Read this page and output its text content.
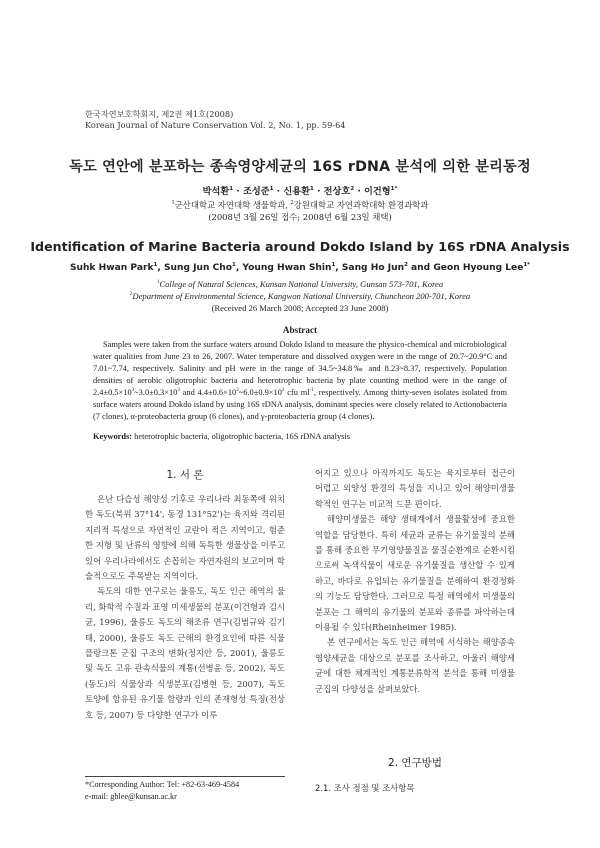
한국자연보호학회지, 제2권 제1호(2008)
Korean Journal of Nature Conservation Vol. 2, No. 1, pp. 59-64
독도 연안에 분포하는 종속영양세균의 16S rDNA 분석에 의한 분리동정
박석환$^1$ · 조성준$^1$ · 신용환$^1$ · 전상호$^2$ · 이건형$^{1*}$
$^1$군산대학교 자연대학 생물학과, $^2$강원대학교 자연과학대학 환경과학과
(2008년 3월 26일 접수; 2008년 6월 23일 채택)
Identification of Marine Bacteria around Dokdo Island by 16S rDNA Analysis
Suhk Hwan Park$^1$, Sung Jun Cho$^1$, Young Hwan Shin$^1$, Sang Ho Jun$^2$ and Geon Hyoung Lee$^{1*}$
$^1$College of Natural Sciences, Kunsan National University, Gunsan 573-701, Korea
$^2$Department of Environmental Science, Kangwon National University, Chuncheon 200-701, Korea
(Received 26 March 2008; Accepted 23 June 2008)
Abstract
Samples were taken from the surface waters around Dokdo Island to measure the physico-chemical and microbiological water qualities from June 23 to 26, 2007. Water temperature and dissolved oxygen were in the range of 20.7~20.9°C and 7.01~7.74, respectively. Salinity and pH were in the range of 34.5~34.8‰ and 8.23~8.37, respectively. Population densities of aerobic oligotrophic bacteria and heterotrophic bacteria by plate counting method were in the range of $2.4\pm 0.5\times 10^3\sim 3.0\pm 0.3\times 10^3$ and $4.4\pm 0.6\times 10^2\sim 6.0\pm 0.9\times 10^2$ cfu $ml^{-1}$, respectively. Among thirty-seven isolates isolated from surface waters around Dokdo island by using 16S rDNA analysis, dominant species were closely related to Actionobacteria (7 clones), α-proteobacteria group (6 clones), and γ-proteobacteria group (4 clones).
Keywords: heterotrophic bacteria, oligotrophic bacteria, 16S rDNA analysis
1. 서 론

온난 다습성 해양성 기후로 우리나라 최동쪽에 위치한 독도(북위 37°14', 동경 131°52')는 육지와 격리된 지리적 특성으로 자연적인 교란이 적은 지역이고, 험준한 지형 및 난류의 영향에 의해 독특한 생물상을 이루고 있어 우리나라에서도 손꼽히는 자연자원의 보고이며 학술적으로도 주목받는 지역이다.

독도의 대한 연구로는 울릉도, 독도 인근 해역의 물리, 화학적 수질과 표영 미세생물의 분포(이건형과 김시균, 1996), 울릉도 독도의 해조류 연구(김범규와 김기태, 2000), 울릉도 독도 근해의 환경요인에 따른 식물플랑크톤 군집 구조의 변화(정지안 등, 2001), 울릉도 및 독도 고유 관속식물의 계통(선병윤 등, 2002), 독도(동도)의 식물상과 식생분포(김병현 등, 2007), 독도 토양에 함유된 유기물 함량과 인의 존재형성 특징(전상호 등, 2007) 등 다양한 연구가 이루

*Corresponding Author: Tel: +82-63-469-4584
e-mail: ghlee@kunsan.ac.kr

어지고 있으나 아직까지도 독도는 육지로부터 접근이 어렵고 외양성 환경의 특성을 지니고 있어 해양미생물학적인 연구는 비교적 드문 편이다.

해양미생물은 해양 생태계에서 생물활성에 중요한 역할을 담당한다. 특히 세균과 균류는 유기물질의 분해를 통해 중요한 무기영양물질을 물질순환계로 순환시킴으로써 녹색식물이 새로운 유기물질을 생산할 수 있게 하고, 바다로 유입되는 유기물질을 분해하여 환경정화의 기능도 담당한다. 그러므로 특정 해역에서 미생물의 분포는 그 해역의 유기물의 분포와 종류를 파악하는데 이용될 수 있다(Rheinheimer 1985).

본 연구에서는 독도 인근 해역에 서식하는 해양종속영양세균을 대상으로 분포를 조사하고, 아울러 해양세균에 대한 체계적인 계통분류학적 분석을 통해 미생물 군집의 다양성을 살펴보았다.

2. 연구방법
2.1. 조사 정점 및 조사항목
